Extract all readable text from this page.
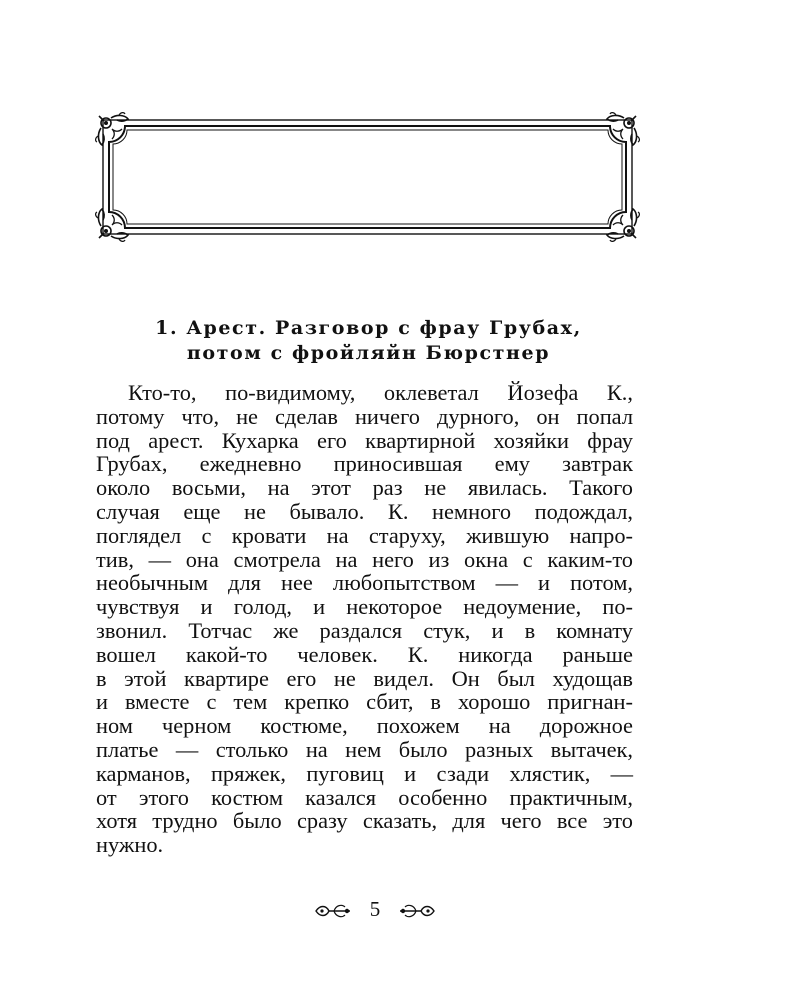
1. Арест. Разговор с фрау Грубах,
потом с фройляйн Бюрстнер
Кто-то, по-видимому, оклеветал Йозефа К.,
потому что, не сделав ничего дурного, он попал
под арест. Кухарка его квартирной хозяйки фрау
Грубах, ежедневно приносившая ему завтрак
около восьми, на этот раз не явилась. Такого
случая еще не бывало. К. немного подождал,
поглядел с кровати на старуху, жившую напро-
тив, — она смотрела на него из окна с каким-то
необычным для нее любопытством — и потом,
чувствуя и голод, и некоторое недоумение, по-
звонил. Тотчас же раздался стук, и в комнату
вошел какой-то человек. К. никогда раньше
в этой квартире его не видел. Он был худощав
и вместе с тем крепко сбит, в хорошо пригнан-
ном черном костюме, похожем на дорожное
платье — столько на нем было разных вытачек,
карманов, пряжек, пуговиц и сзади хлястик, —
от этого костюм казался особенно практичным,
хотя трудно было сразу сказать, для чего все это
нужно.
5
